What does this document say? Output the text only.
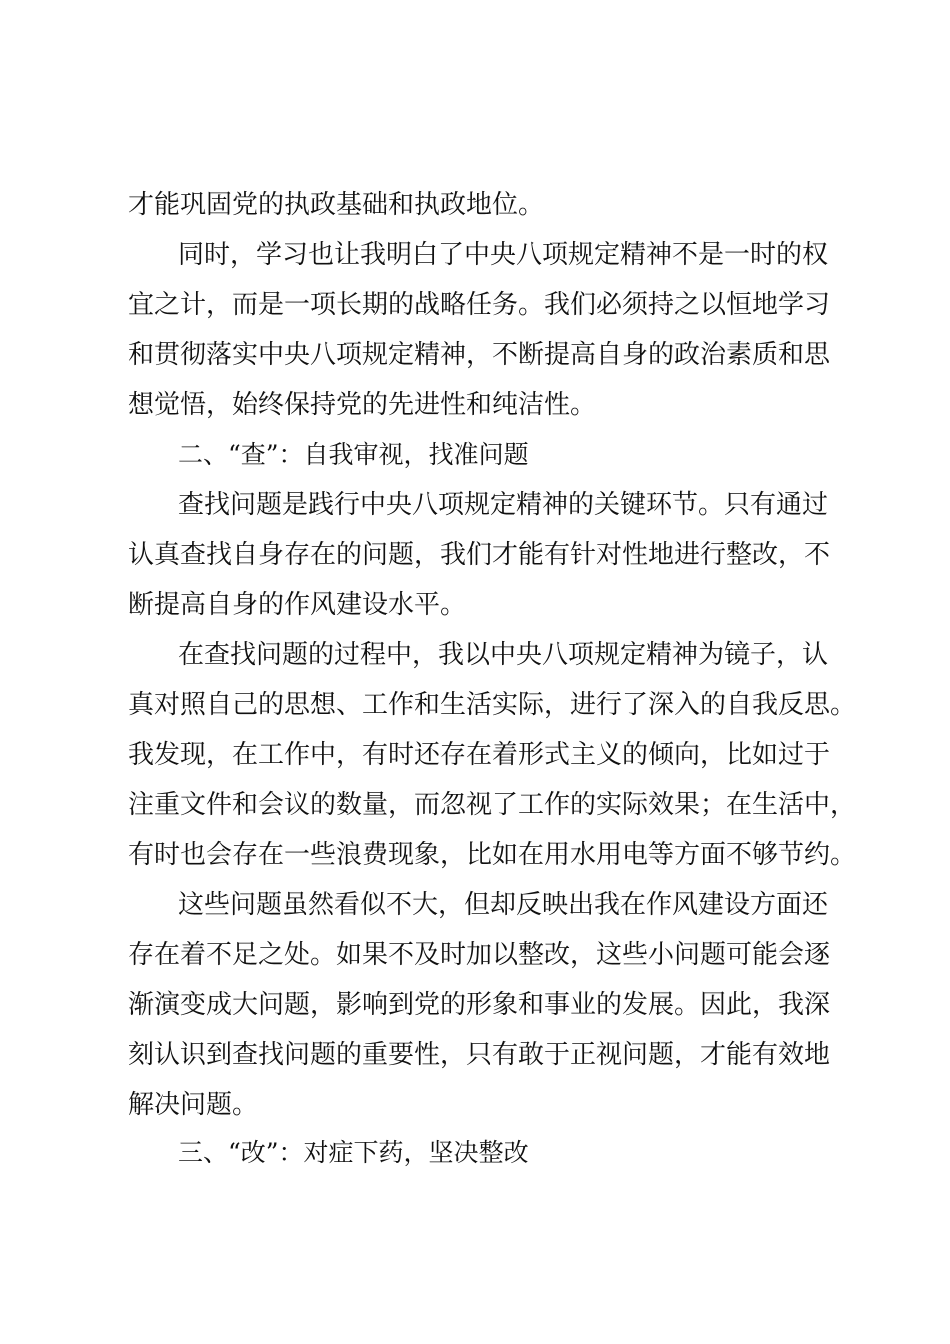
才能巩固党的执政基础和执政地位。
同时，学习也让我明白了中央八项规定精神不是一时的权
宜之计，而是一项长期的战略任务。我们必须持之以恒地学习
和贯彻落实中央八项规定精神，不断提高自身的政治素质和思
想觉悟，始终保持党的先进性和纯洁性。
二、“查”：自我审视，找准问题
查找问题是践行中央八项规定精神的关键环节。只有通过
认真查找自身存在的问题，我们才能有针对性地进行整改，不
断提高自身的作风建设水平。
在查找问题的过程中，我以中央八项规定精神为镜子，认
真对照自己的思想、工作和生活实际，进行了深入的自我反思。
我发现，在工作中，有时还存在着形式主义的倾向，比如过于
注重文件和会议的数量，而忽视了工作的实际效果；在生活中，
有时也会存在一些浪费现象，比如在用水用电等方面不够节约。
这些问题虽然看似不大，但却反映出我在作风建设方面还
存在着不足之处。如果不及时加以整改，这些小问题可能会逐
渐演变成大问题，影响到党的形象和事业的发展。因此，我深
刻认识到查找问题的重要性，只有敢于正视问题，才能有效地
解决问题。
三、“改”：对症下药，坚决整改
